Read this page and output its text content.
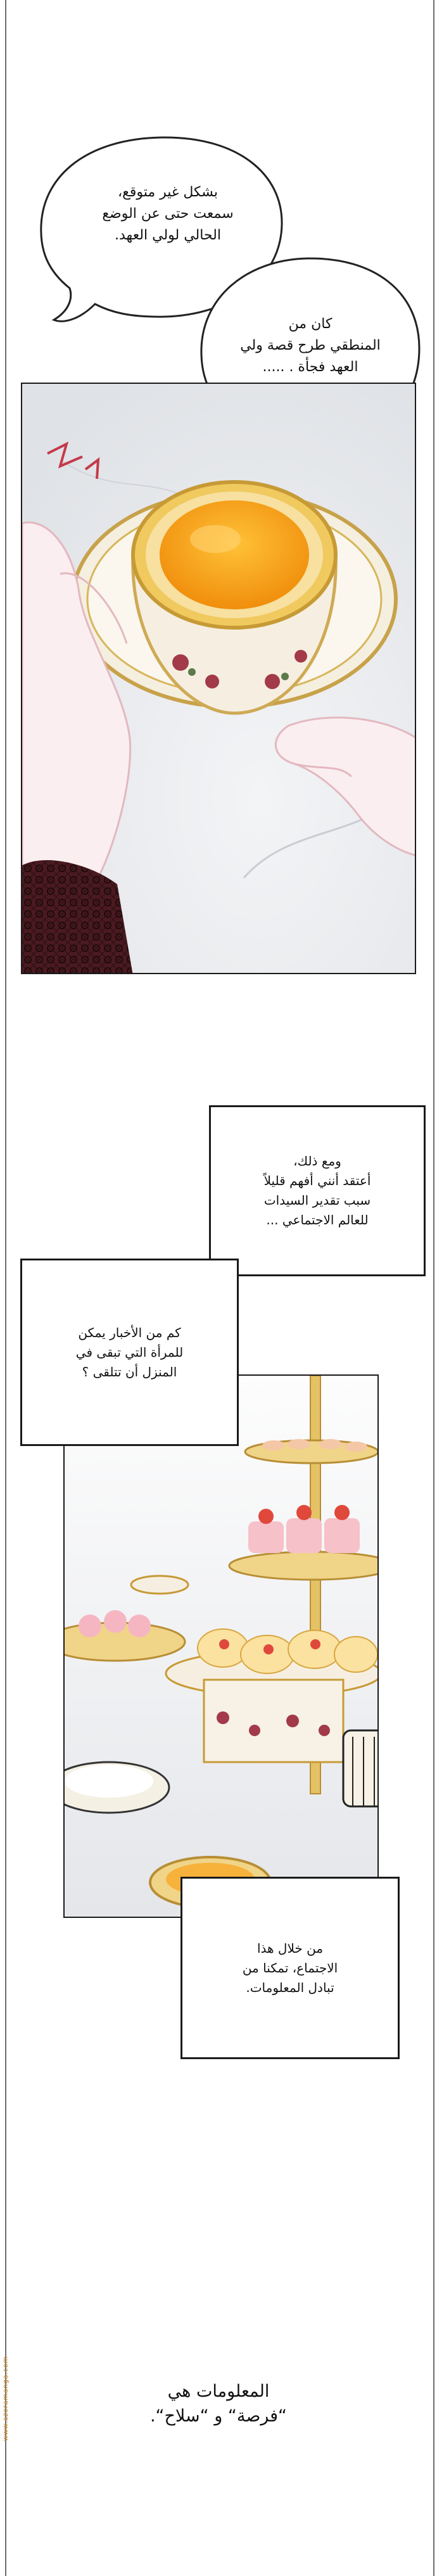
بشكل غير متوقع،
سمعت حتى عن الوضع
الحالي لولي العهد.
كان من
المنطقي طرح قصة ولي
العهد فجأة . .....
ومع ذلك،
أعتقد أنني أفهم قليلاً
سبب تقدير السيدات
للعالم الاجتماعي ...
كم من الأخبار يمكن
للمرأة التي تبقى في
المنزل أن تتلقى ؟
من خلال هذا
الاجتماع، تمكنا من
تبادل المعلومات.
المعلومات هي
“فرصة“ و “سلاح“.
www.azoramanga.com
